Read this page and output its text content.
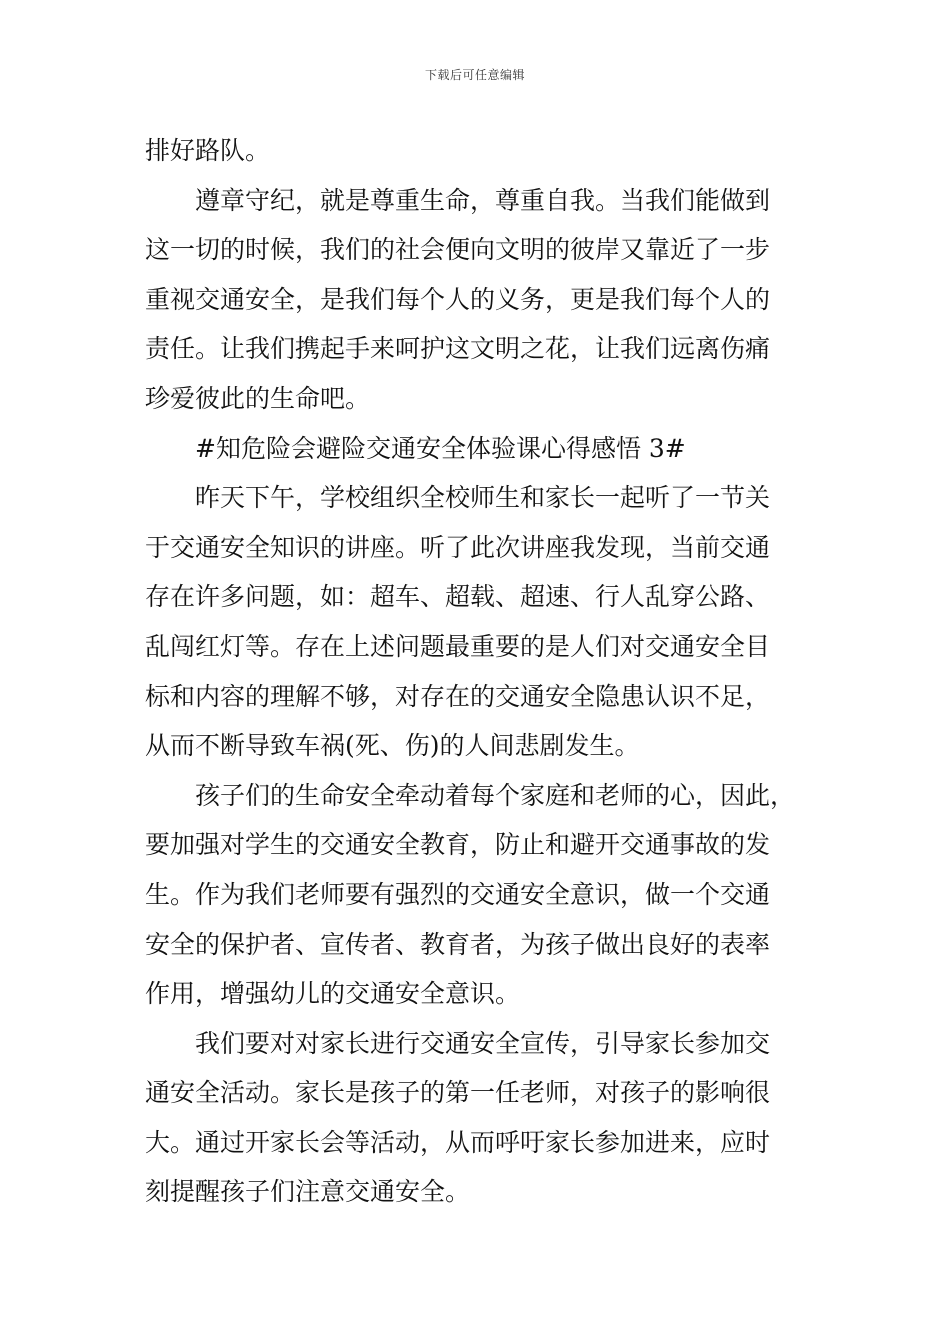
下载后可任意编辑
排好路队。
遵章守纪，就是尊重生命，尊重自我。当我们能做到
这一切的时候，我们的社会便向文明的彼岸又靠近了一步
重视交通安全，是我们每个人的义务，更是我们每个人的
责任。让我们携起手来呵护这文明之花，让我们远离伤痛
珍爱彼此的生命吧。
#知危险会避险交通安全体验课心得感悟 3#
昨天下午，学校组织全校师生和家长一起听了一节关
于交通安全知识的讲座。听了此次讲座我发现，当前交通
存在许多问题，如：超车、超载、超速、行人乱穿公路、
乱闯红灯等。存在上述问题最重要的是人们对交通安全目
标和内容的理解不够，对存在的交通安全隐患认识不足，
从而不断导致车祸(死、伤)的人间悲剧发生。
孩子们的生命安全牵动着每个家庭和老师的心，因此，
要加强对学生的交通安全教育，防止和避开交通事故的发
生。作为我们老师要有强烈的交通安全意识，做一个交通
安全的保护者、宣传者、教育者，为孩子做出良好的表率
作用，增强幼儿的交通安全意识。
我们要对对家长进行交通安全宣传，引导家长参加交
通安全活动。家长是孩子的第一任老师，对孩子的影响很
大。通过开家长会等活动，从而呼吁家长参加进来，应时
刻提醒孩子们注意交通安全。
